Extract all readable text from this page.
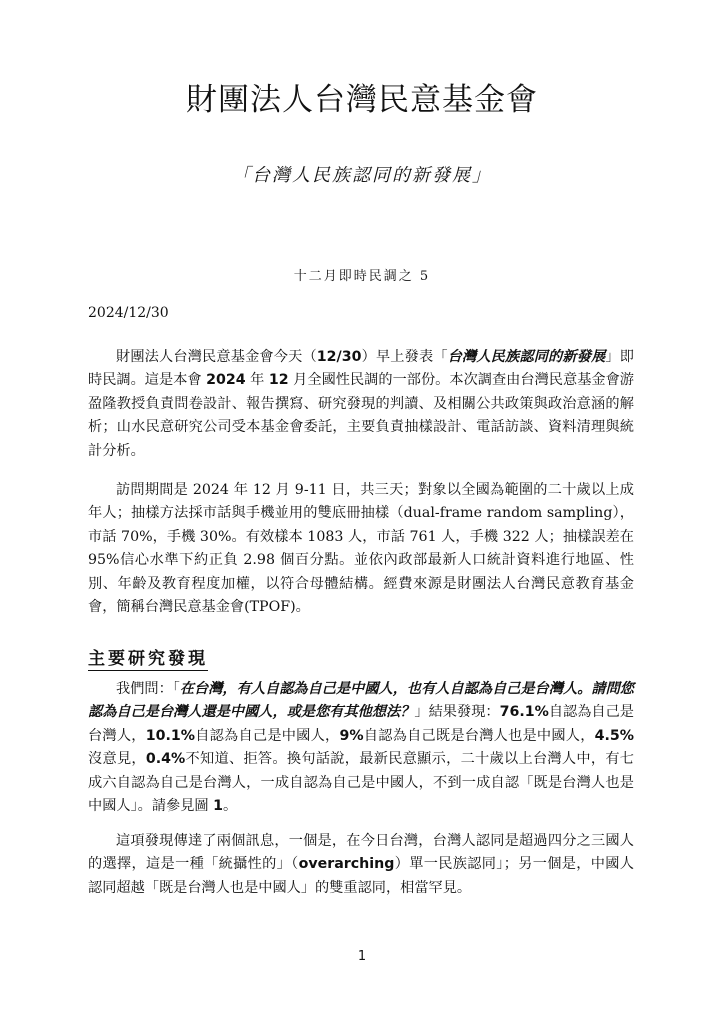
財團法人台灣民意基金會
「台灣人民族認同的新發展」
十二月即時民調之 5
2024/12/30

財團法人台灣民意基金會今天（12/30）早上發表「台灣人民族認同的新發展」即時民調。這是本會 2024 年 12 月全國性民調的一部份。本次調查由台灣民意基金會游盈隆教授負責問卷設計、報告撰寫、研究發現的判讀、及相關公共政策與政治意涵的解析；山水民意研究公司受本基金會委託，主要負責抽樣設計、電話訪談、資料清理與統計分析。

訪問期間是 2024 年 12 月 9-11 日，共三天；對象以全國為範圍的二十歲以上成年人；抽樣方法採市話與手機並用的雙底冊抽樣（dual-frame random sampling），市話 70%，手機 30%。有效樣本 1083 人，市話 761 人，手機 322 人；抽樣誤差在 95%信心水準下約正負 2.98 個百分點。並依內政部最新人口統計資料進行地區、性別、年齡及教育程度加權，以符合母體結構。經費來源是財團法人台灣民意教育基金會，簡稱台灣民意基金會(TPOF)。

主要研究發現

我們問：「在台灣，有人自認為自己是中國人，也有人自認為自己是台灣人。請問您認為自己是台灣人還是中國人，或是您有其他想法？」結果發現：76.1%自認為自己是台灣人，10.1%自認為自己是中國人，9%自認為自己既是台灣人也是中國人，4.5%沒意見，0.4%不知道、拒答。換句話說，最新民意顯示，二十歲以上台灣人中，有七成六自認為自己是台灣人，一成自認為自己是中國人，不到一成自認「既是台灣人也是中國人」。請參見圖 1。

這項發現傳達了兩個訊息，一個是，在今日台灣，台灣人認同是超過四分之三國人的選擇，這是一種「統攝性的」（overarching）單一民族認同」；另一個是，中國人認同超越「既是台灣人也是中國人」的雙重認同，相當罕見。

1
